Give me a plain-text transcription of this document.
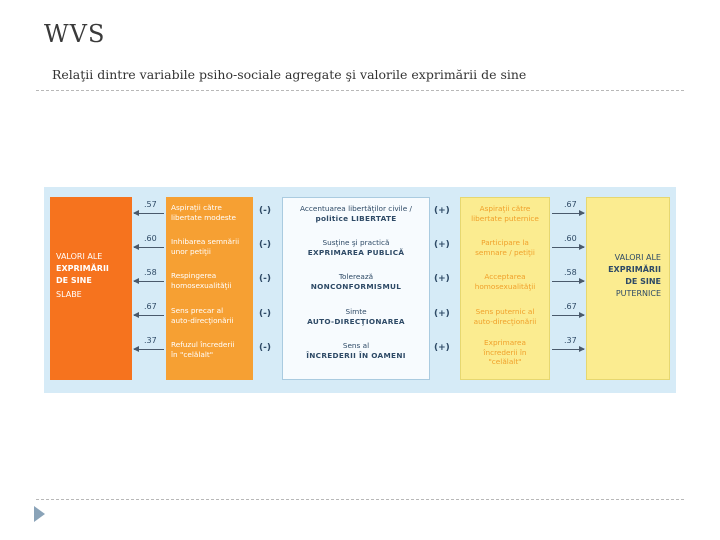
WVS
Relaţii dintre variabile psiho-sociale agregate şi valorile exprimării de sine
VALORI ALE
EXPRIMĂRII
DE SINE
SLABE
VALORI ALE
EXPRIMĂRII
DE SINE
PUTERNICE
Aspiraţii către
libertate modeste
Inhibarea semnării
unor petiţii
Respingerea
homosexualităţii
Sens precar al
auto-direcţionării
Refuzul încrederii
în "celălalt"
Accentuarea libertăţilor civile /
politice LIBERTATE
Susţine şi practică
EXPRIMAREA PUBLICĂ
Tolerează
NONCONFORMISMUL
Simte
AUTO-DIRECŢIONAREA
Sens al
ÎNCREDERII ÎN OAMENI
Aspiraţii către
libertate puternice
Participare la
semnare / petiţii
Acceptarea
homosexualităţii
Sens puternic al
auto-direcţionării
Exprimarea
încrederii în
"celălalt"
(-)
(-)
(-)
(-)
(-)
(+)
(+)
(+)
(+)
(+)
.57
.60
.58
.67
.37
.67
.60
.58
.67
.37
